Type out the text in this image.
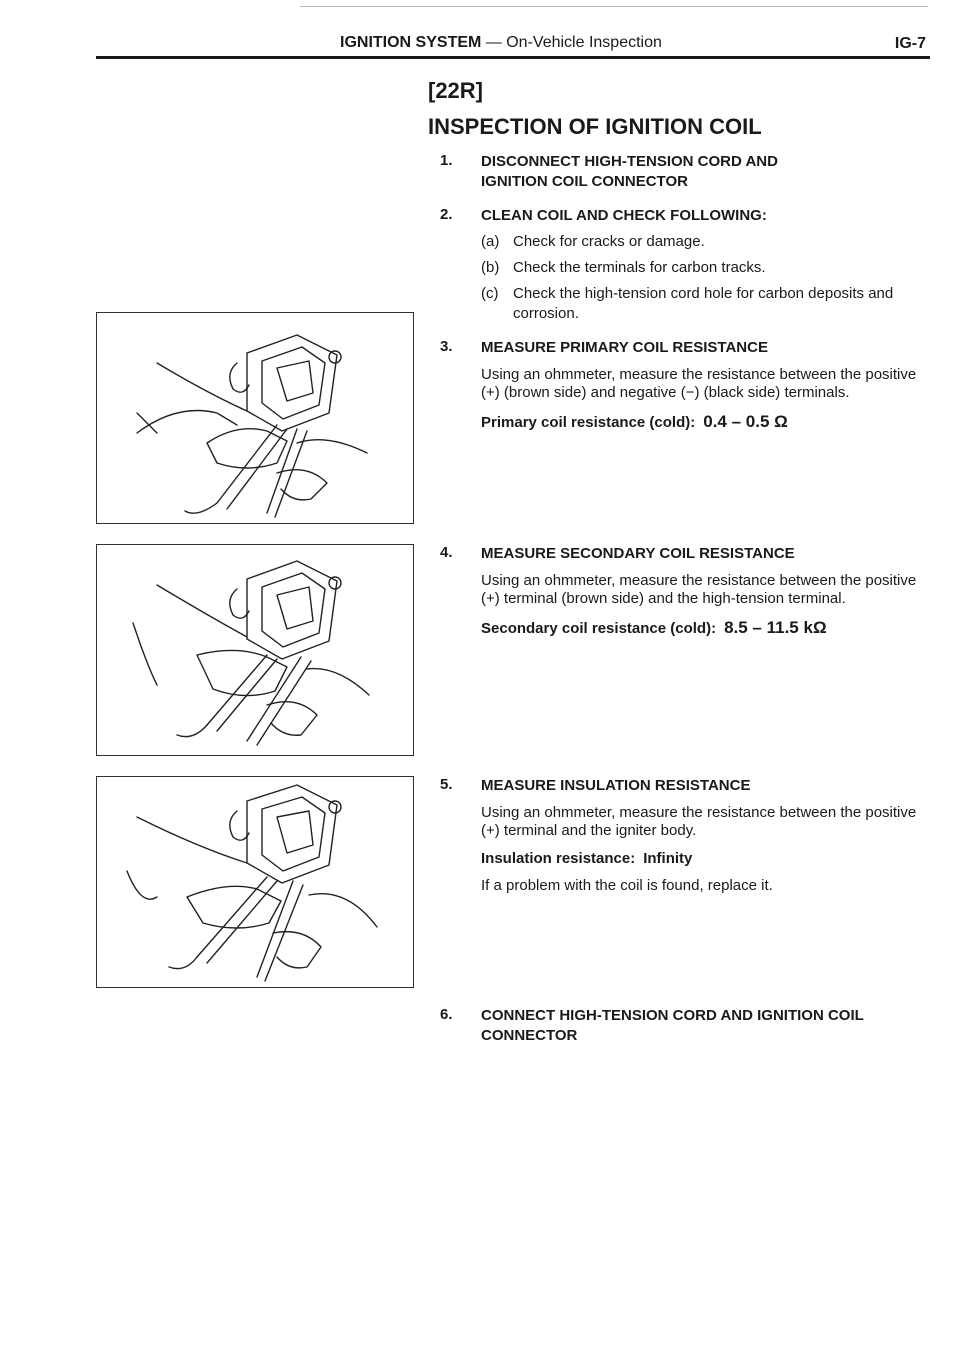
IGNITION SYSTEM — On-Vehicle Inspection	IG-7
[22R]
INSPECTION OF IGNITION COIL
1. DISCONNECT HIGH-TENSION CORD AND IGNITION COIL CONNECTOR
2. CLEAN COIL AND CHECK FOLLOWING:
(a) Check for cracks or damage.
(b) Check the terminals for carbon tracks.
(c) Check the high-tension cord hole for carbon deposits and corrosion.
3. MEASURE PRIMARY COIL RESISTANCE
Using an ohmmeter, measure the resistance between the positive (+) (brown side) and negative (−) (black side) terminals.
Primary coil resistance (cold): 0.4 – 0.5 Ω
4. MEASURE SECONDARY COIL RESISTANCE
Using an ohmmeter, measure the resistance between the positive (+) terminal (brown side) and the high-tension terminal.
Secondary coil resistance (cold): 8.5 – 11.5 kΩ
5. MEASURE INSULATION RESISTANCE
Using an ohmmeter, measure the resistance between the positive (+) terminal and the igniter body.
Insulation resistance: Infinity
If a problem with the coil is found, replace it.
6. CONNECT HIGH-TENSION CORD AND IGNITION COIL CONNECTOR
